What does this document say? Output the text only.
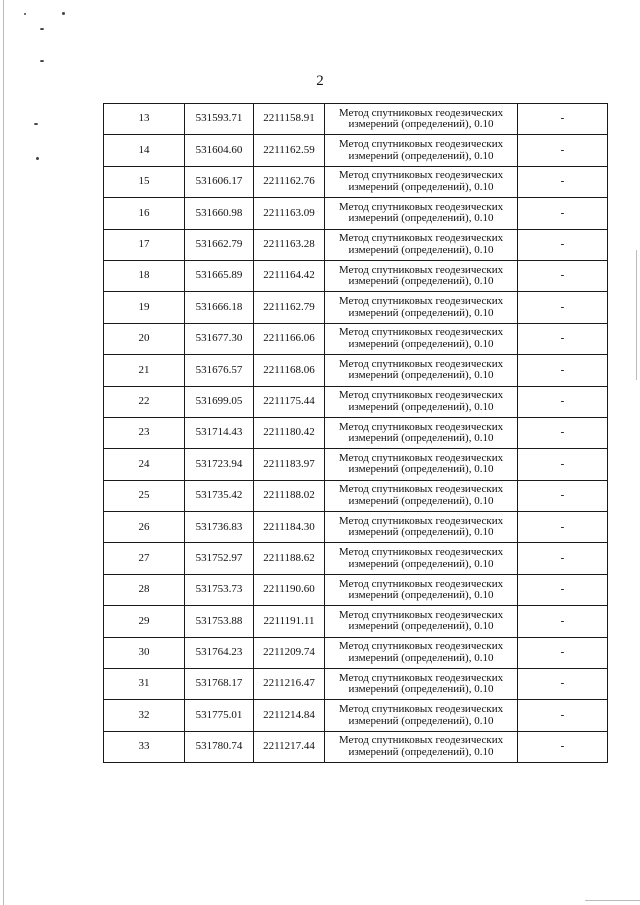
2
13	531593.71	2211158.91	Метод спутниковых геодезических
измерений (определений), 0.10	-
14	531604.60	2211162.59	Метод спутниковых геодезических
измерений (определений), 0.10	-
15	531606.17	2211162.76	Метод спутниковых геодезических
измерений (определений), 0.10	-
16	531660.98	2211163.09	Метод спутниковых геодезических
измерений (определений), 0.10	-
17	531662.79	2211163.28	Метод спутниковых геодезических
измерений (определений), 0.10	-
18	531665.89	2211164.42	Метод спутниковых геодезических
измерений (определений), 0.10	-
19	531666.18	2211162.79	Метод спутниковых геодезических
измерений (определений), 0.10	-
20	531677.30	2211166.06	Метод спутниковых геодезических
измерений (определений), 0.10	-
21	531676.57	2211168.06	Метод спутниковых геодезических
измерений (определений), 0.10	-
22	531699.05	2211175.44	Метод спутниковых геодезических
измерений (определений), 0.10	-
23	531714.43	2211180.42	Метод спутниковых геодезических
измерений (определений), 0.10	-
24	531723.94	2211183.97	Метод спутниковых геодезических
измерений (определений), 0.10	-
25	531735.42	2211188.02	Метод спутниковых геодезических
измерений (определений), 0.10	-
26	531736.83	2211184.30	Метод спутниковых геодезических
измерений (определений), 0.10	-
27	531752.97	2211188.62	Метод спутниковых геодезических
измерений (определений), 0.10	-
28	531753.73	2211190.60	Метод спутниковых геодезических
измерений (определений), 0.10	-
29	531753.88	2211191.11	Метод спутниковых геодезических
измерений (определений), 0.10	-
30	531764.23	2211209.74	Метод спутниковых геодезических
измерений (определений), 0.10	-
31	531768.17	2211216.47	Метод спутниковых геодезических
измерений (определений), 0.10	-
32	531775.01	2211214.84	Метод спутниковых геодезических
измерений (определений), 0.10	-
33	531780.74	2211217.44	Метод спутниковых геодезических
измерений (определений), 0.10	-
